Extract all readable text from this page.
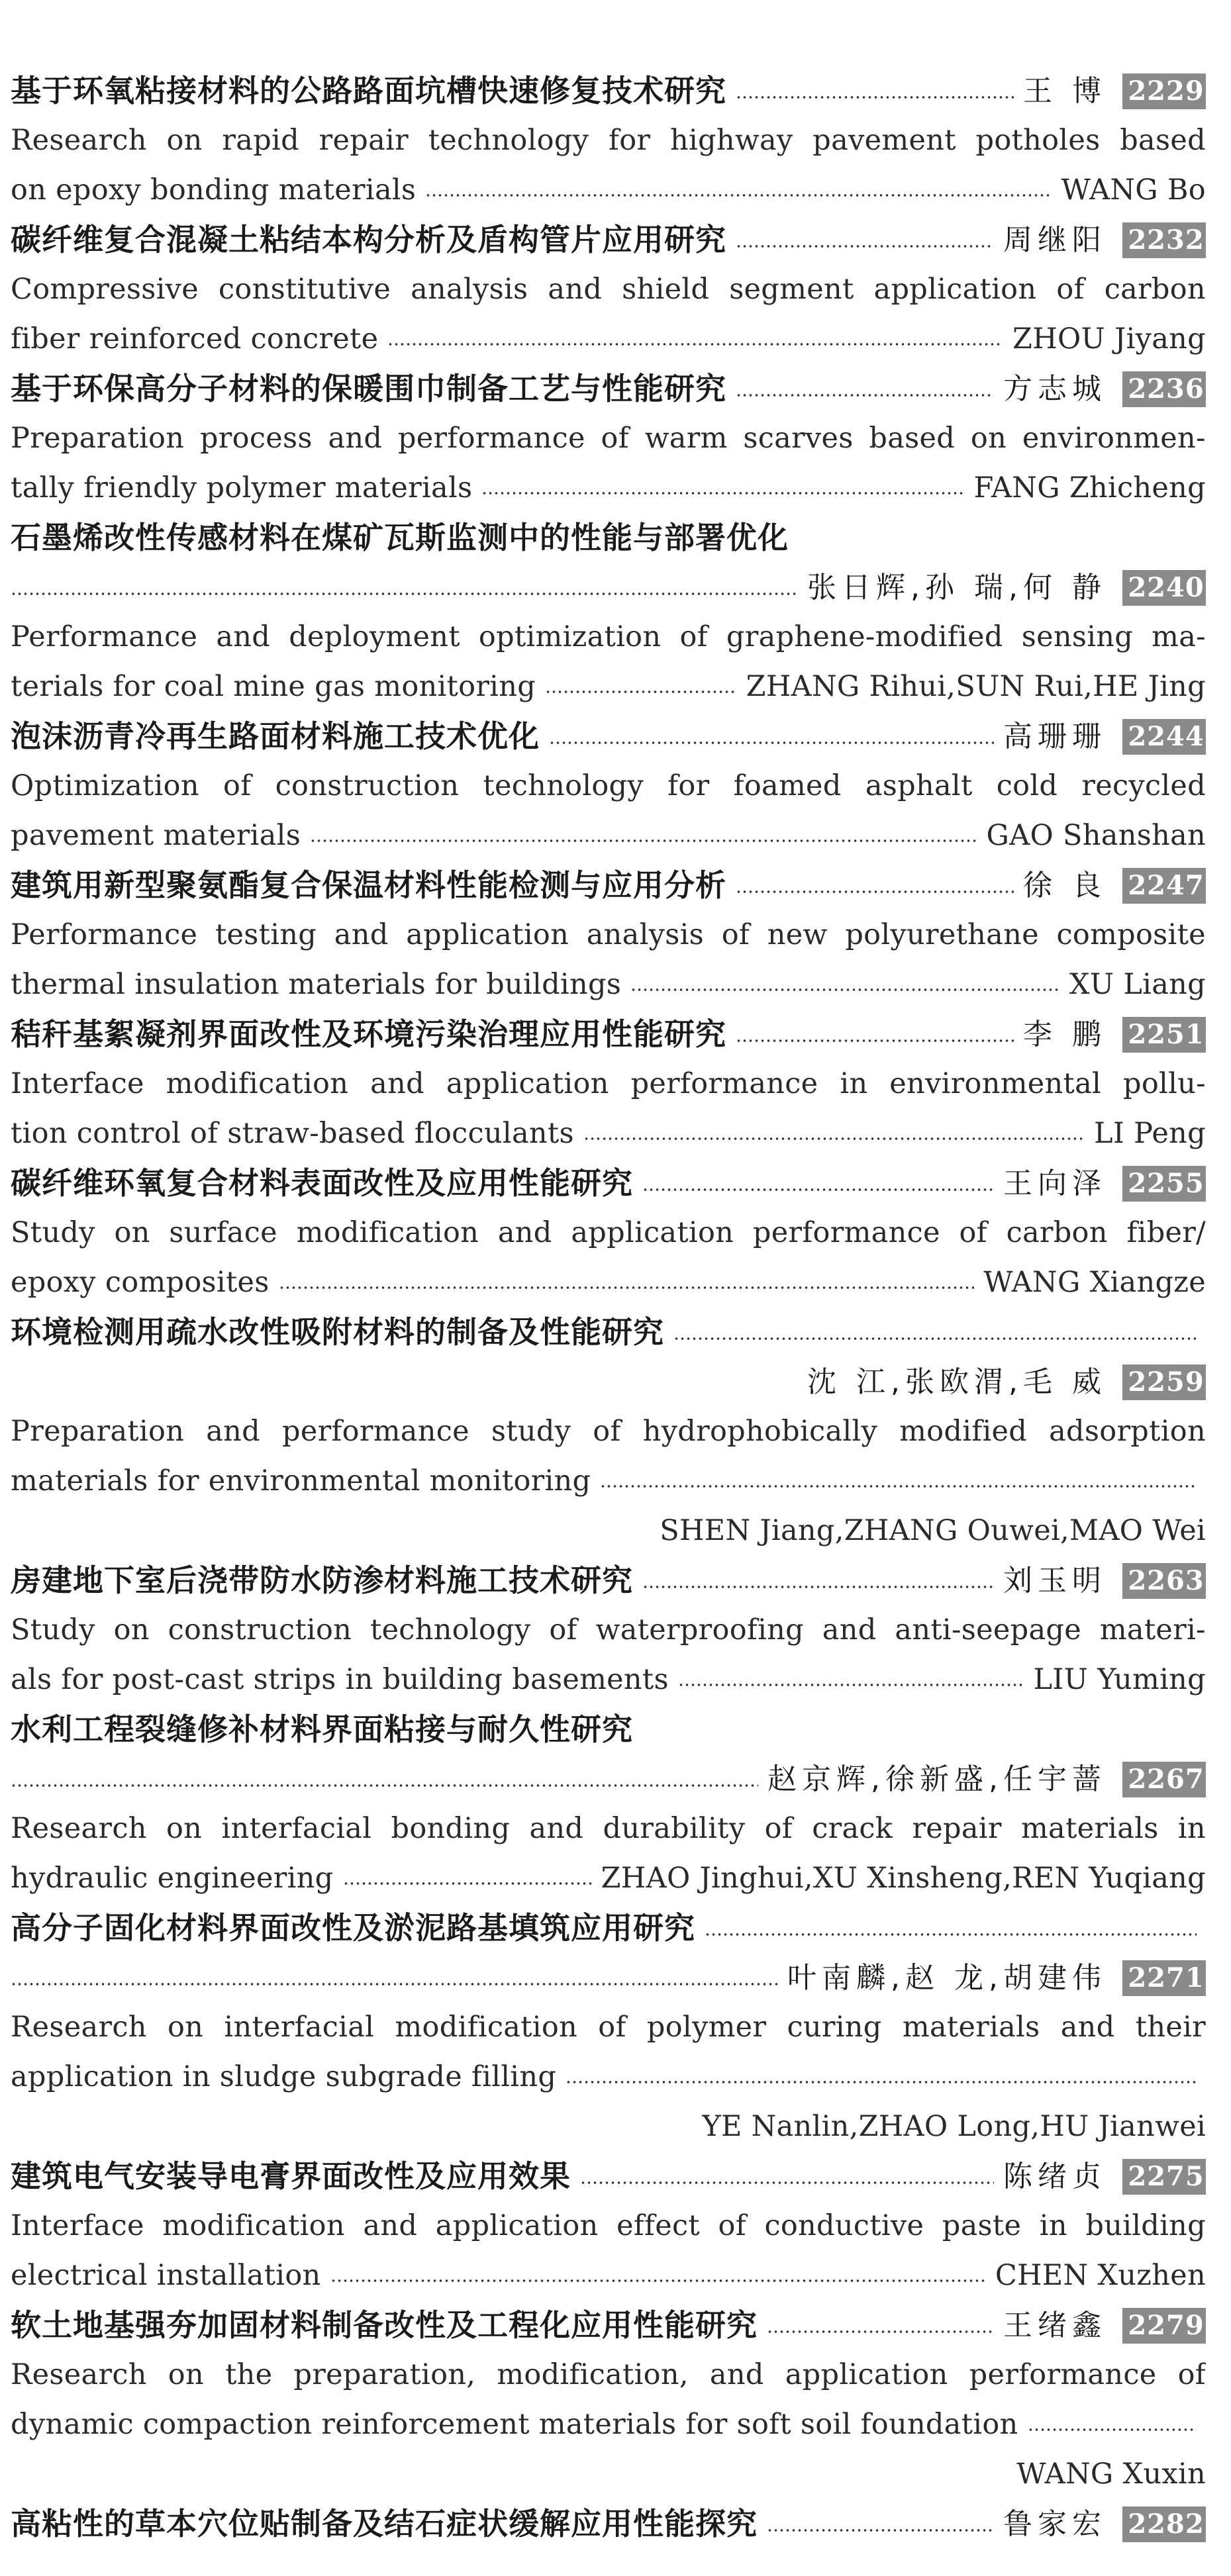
基于环氧粘接材料的公路路面坑槽快速修复技术研究	王 博 2229
Research on rapid repair technology for highway pavement potholes based
on epoxy bonding materials	WANG Bo
碳纤维复合混凝土粘结本构分析及盾构管片应用研究	周继阳 2232
Compressive constitutive analysis and shield segment application of carbon
fiber reinforced concrete	ZHOU Jiyang
基于环保高分子材料的保暖围巾制备工艺与性能研究	方志城 2236
Preparation process and performance of warm scarves based on environmen-
tally friendly polymer materials	FANG Zhicheng
石墨烯改性传感材料在煤矿瓦斯监测中的性能与部署优化
张日辉,孙 瑞,何 静 2240
Performance and deployment optimization of graphene-modified sensing ma-
terials for coal mine gas monitoring	ZHANG Rihui,SUN Rui,HE Jing
泡沫沥青冷再生路面材料施工技术优化	高珊珊 2244
Optimization of construction technology for foamed asphalt cold recycled
pavement materials	GAO Shanshan
建筑用新型聚氨酯复合保温材料性能检测与应用分析	徐 良 2247
Performance testing and application analysis of new polyurethane composite
thermal insulation materials for buildings	XU Liang
秸秆基絮凝剂界面改性及环境污染治理应用性能研究	李 鹏 2251
Interface modification and application performance in environmental pollu-
tion control of straw-based flocculants	LI Peng
碳纤维环氧复合材料表面改性及应用性能研究	王向泽 2255
Study on surface modification and application performance of carbon fiber/
epoxy composites	WANG Xiangze
环境检测用疏水改性吸附材料的制备及性能研究
沈 江,张欧渭,毛 威 2259
Preparation and performance study of hydrophobically modified adsorption
materials for environmental monitoring
SHEN Jiang,ZHANG Ouwei,MAO Wei
房建地下室后浇带防水防渗材料施工技术研究	刘玉明 2263
Study on construction technology of waterproofing and anti-seepage materi-
als for post-cast strips in building basements	LIU Yuming
水利工程裂缝修补材料界面粘接与耐久性研究
赵京辉,徐新盛,任宇蔷 2267
Research on interfacial bonding and durability of crack repair materials in
hydraulic engineering	ZHAO Jinghui,XU Xinsheng,REN Yuqiang
高分子固化材料界面改性及淤泥路基填筑应用研究
叶南麟,赵 龙,胡建伟 2271
Research on interfacial modification of polymer curing materials and their
application in sludge subgrade filling
YE Nanlin,ZHAO Long,HU Jianwei
建筑电气安装导电膏界面改性及应用效果	陈绪贞 2275
Interface modification and application effect of conductive paste in building
electrical installation	CHEN Xuzhen
软土地基强夯加固材料制备改性及工程化应用性能研究	王绪鑫 2279
Research on the preparation, modification, and application performance of
dynamic compaction reinforcement materials for soft soil foundation
WANG Xuxin
高粘性的草本穴位贴制备及结石症状缓解应用性能探究	鲁家宏 2282
